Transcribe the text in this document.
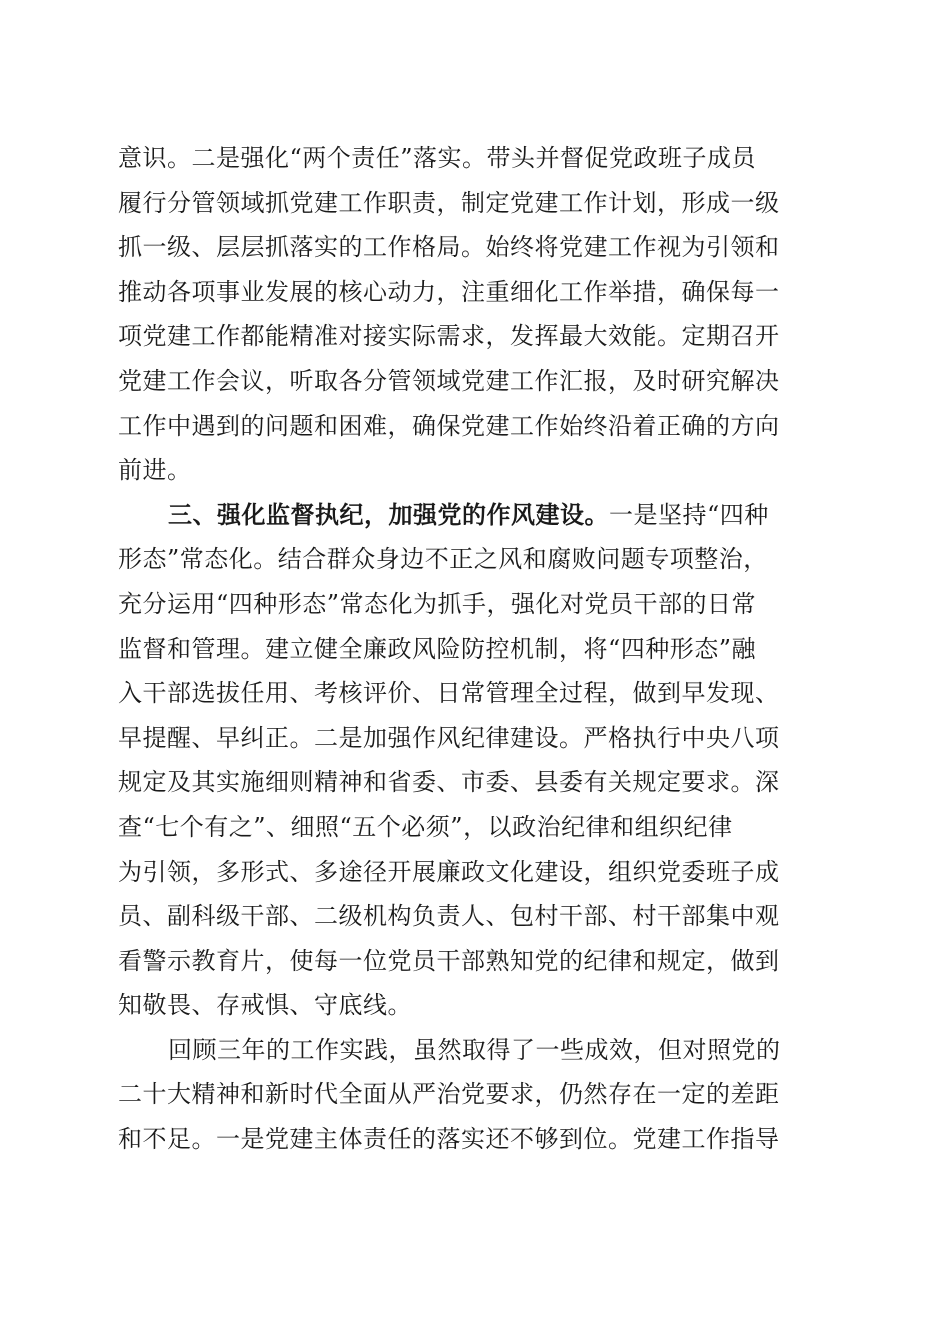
意识。二是强化“两个责任”落实。带头并督促党政班子成员
履行分管领域抓党建工作职责，制定党建工作计划，形成一级
抓一级、层层抓落实的工作格局。始终将党建工作视为引领和
推动各项事业发展的核心动力，注重细化工作举措，确保每一
项党建工作都能精准对接实际需求，发挥最大效能。定期召开
党建工作会议，听取各分管领域党建工作汇报，及时研究解决
工作中遇到的问题和困难，确保党建工作始终沿着正确的方向
前进。
三、强化监督执纪，加强党的作风建设。一是坚持“四种
形态”常态化。结合群众身边不正之风和腐败问题专项整治，
充分运用“四种形态”常态化为抓手，强化对党员干部的日常
监督和管理。建立健全廉政风险防控机制，将“四种形态”融
入干部选拔任用、考核评价、日常管理全过程，做到早发现、
早提醒、早纠正。二是加强作风纪律建设。严格执行中央八项
规定及其实施细则精神和省委、市委、县委有关规定要求。深
查“七个有之”、细照“五个必须”，以政治纪律和组织纪律
为引领，多形式、多途径开展廉政文化建设，组织党委班子成
员、副科级干部、二级机构负责人、包村干部、村干部集中观
看警示教育片，使每一位党员干部熟知党的纪律和规定，做到
知敬畏、存戒惧、守底线。
回顾三年的工作实践，虽然取得了一些成效，但对照党的
二十大精神和新时代全面从严治党要求，仍然存在一定的差距
和不足。一是党建主体责任的落实还不够到位。党建工作指导
